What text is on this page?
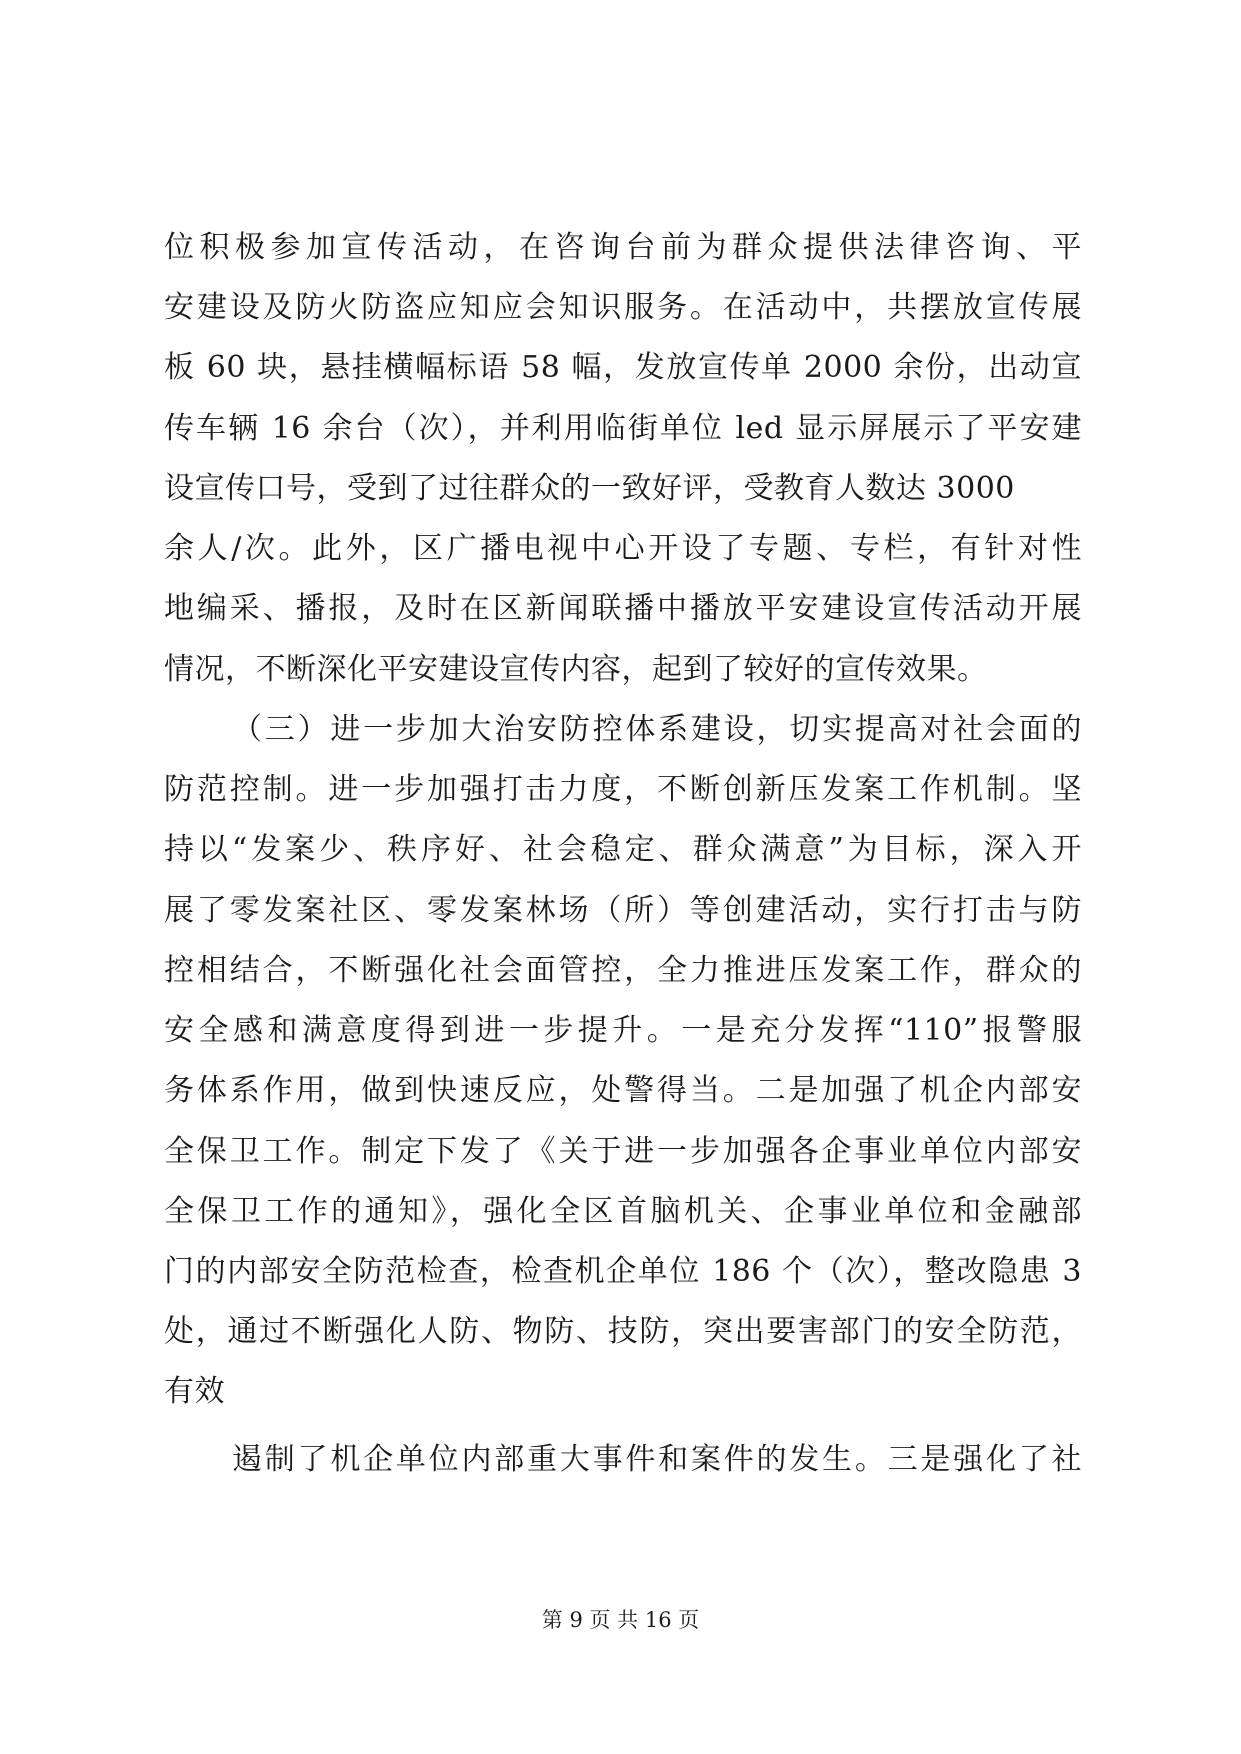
位积极参加宣传活动，在咨询台前为群众提供法律咨询、平
安建设及防火防盗应知应会知识服务。在活动中，共摆放宣传展
板 60 块，悬挂横幅标语 58 幅，发放宣传单 2000 余份，出动宣
传车辆 16 余台（次），并利用临街单位 led 显示屏展示了平安建
设宣传口号，受到了过往群众的一致好评，受教育人数达 3000
余人/次。此外，区广播电视中心开设了专题、专栏，有针对性
地编采、播报，及时在区新闻联播中播放平安建设宣传活动开展
情况，不断深化平安建设宣传内容，起到了较好的宣传效果。
（三）进一步加大治安防控体系建设，切实提高对社会面的
防范控制。进一步加强打击力度，不断创新压发案工作机制。坚
持以“发案少、秩序好、社会稳定、群众满意”为目标，深入开
展了零发案社区、零发案林场（所）等创建活动，实行打击与防
控相结合，不断强化社会面管控，全力推进压发案工作，群众的
安全感和满意度得到进一步提升。一是充分发挥“110”报警服
务体系作用，做到快速反应，处警得当。二是加强了机企内部安
全保卫工作。制定下发了《关于进一步加强各企事业单位内部安
全保卫工作的通知》，强化全区首脑机关、企事业单位和金融部
门的内部安全防范检查，检查机企单位 186 个（次），整改隐患 3
处，通过不断强化人防、物防、技防，突出要害部门的安全防范，
有效
遏制了机企单位内部重大事件和案件的发生。三是强化了社
第 9 页 共 16 页
